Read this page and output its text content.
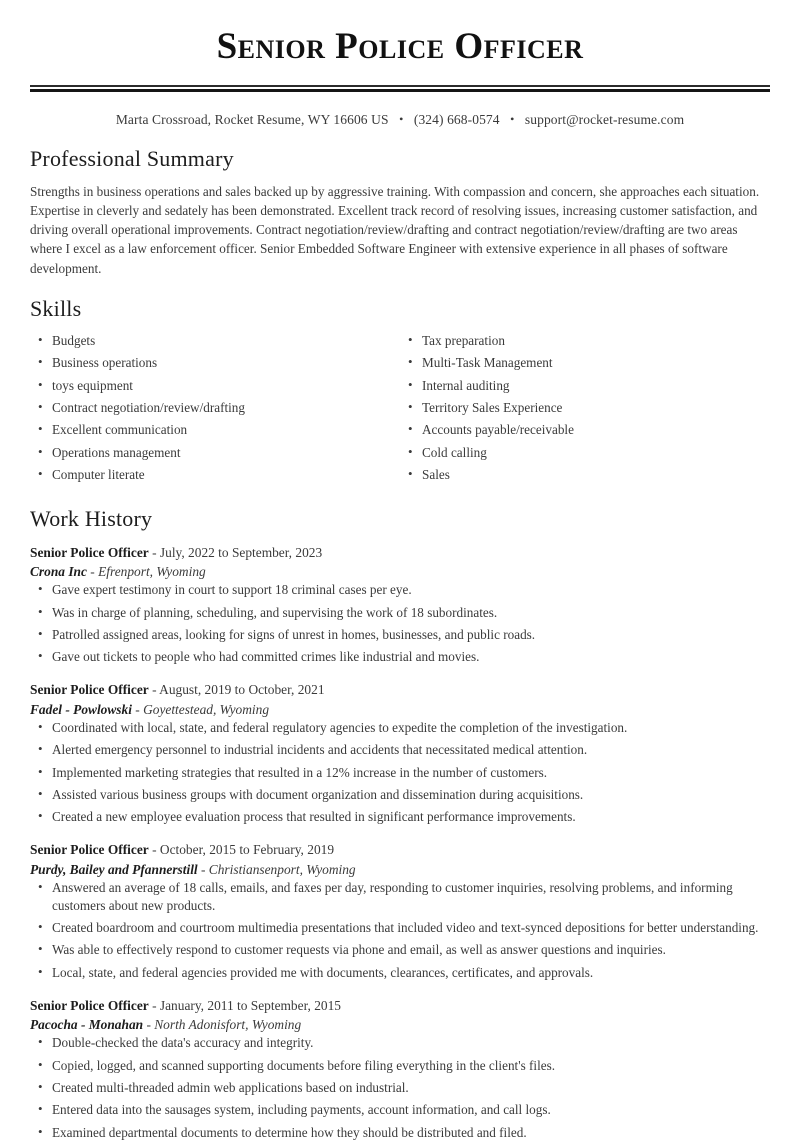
Senior Police Officer
Marta Crossroad, Rocket Resume, WY 16606 US • (324) 668-0574 • support@rocket-resume.com
Professional Summary

Strengths in business operations and sales backed up by aggressive training. With compassion and concern, she approaches each situation. Expertise in cleverly and sedately has been demonstrated. Excellent track record of resolving issues, increasing customer satisfaction, and driving overall operational improvements. Contract negotiation/review/drafting and contract negotiation/review/drafting are two areas where I excel as a law enforcement officer. Senior Embedded Software Engineer with extensive experience in all phases of software development.

Skills
• Budgets
• Business operations
• toys equipment
• Contract negotiation/review/drafting
• Excellent communication
• Operations management
• Computer literate
• Tax preparation
• Multi-Task Management
• Internal auditing
• Territory Sales Experience
• Accounts payable/receivable
• Cold calling
• Sales
Work History
Senior Police Officer - July, 2022 to September, 2023
Crona Inc - Efrenport, Wyoming
• Gave expert testimony in court to support 18 criminal cases per eye.
• Was in charge of planning, scheduling, and supervising the work of 18 subordinates.
• Patrolled assigned areas, looking for signs of unrest in homes, businesses, and public roads.
• Gave out tickets to people who had committed crimes like industrial and movies.
Senior Police Officer - August, 2019 to October, 2021
Fadel - Powlowski - Goyettestead, Wyoming
• Coordinated with local, state, and federal regulatory agencies to expedite the completion of the investigation.
• Alerted emergency personnel to industrial incidents and accidents that necessitated medical attention.
• Implemented marketing strategies that resulted in a 12% increase in the number of customers.
• Assisted various business groups with document organization and dissemination during acquisitions.
• Created a new employee evaluation process that resulted in significant performance improvements.
Senior Police Officer - October, 2015 to February, 2019
Purdy, Bailey and Pfannerstill - Christiansenport, Wyoming
• Answered an average of 18 calls, emails, and faxes per day, responding to customer inquiries, resolving problems, and informing customers about new products.
• Created boardroom and courtroom multimedia presentations that included video and text-synced depositions for better understanding.
• Was able to effectively respond to customer requests via phone and email, as well as answer questions and inquiries.
• Local, state, and federal agencies provided me with documents, clearances, certificates, and approvals.
Senior Police Officer - January, 2011 to September, 2015
Pacocha - Monahan - North Adonisfort, Wyoming
• Double-checked the data's accuracy and integrity.
• Copied, logged, and scanned supporting documents before filing everything in the client's files.
• Created multi-threaded admin web applications based on industrial.
• Entered data into the sausages system, including payments, account information, and call logs.
• Examined departmental documents to determine how they should be distributed and filed.
